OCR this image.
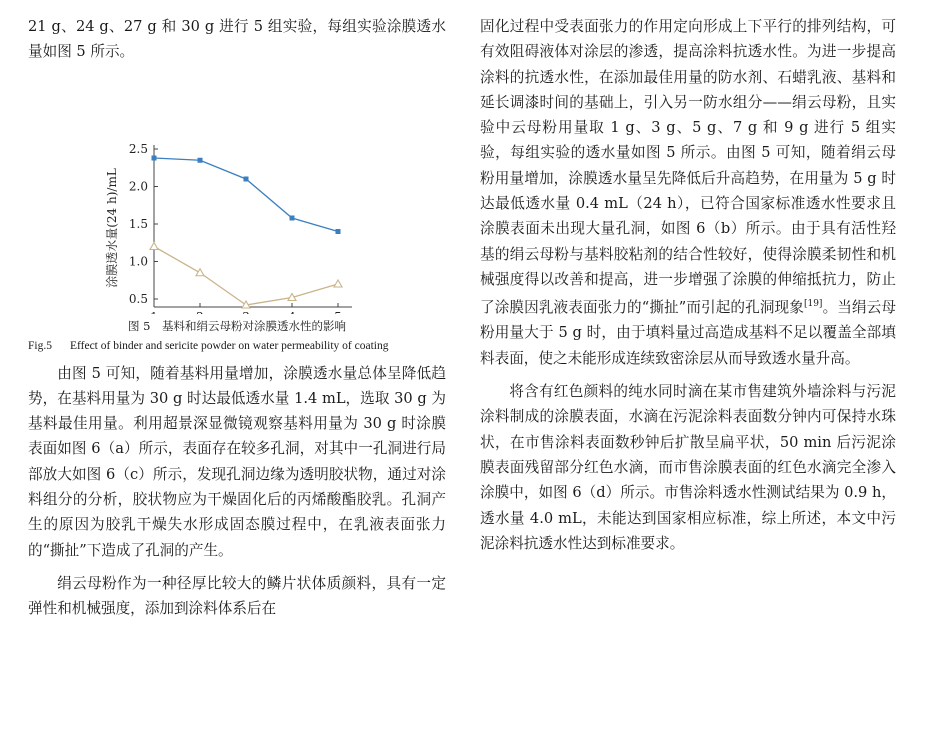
21 g、24 g、27 g 和 30 g 进行 5 组实验，每组实验涂膜透水量如图 5 所示。

0.5
1.0
1.5
2.0
2.5
涂膜透水量(24 h)/mL
图 5　基料和绢云母粉对涂膜透水性的影响
Fig.5	Effect of binder and sericite powder on water permeability of coating

由图 5 可知，随着基料用量增加，涂膜透水量总体呈降低趋势，在基料用量为 30 g 时达最低透水量 1.4 mL，选取 30 g 为基料最佳用量。利用超景深显微镜观察基料用量为 30 g 时涂膜表面如图 6（a）所示，表面存在较多孔洞，对其中一孔洞进行局部放大如图 6（c）所示，发现孔洞边缘为透明胶状物，通过对涂料组分的分析，胶状物应为干燥固化后的丙烯酸酯胶乳。孔洞产生的原因为胶乳干燥失水形成固态膜过程中，在乳液表面张力的“撕扯”下造成了孔洞的产生。

绢云母粉作为一种径厚比较大的鳞片状体质颜料，具有一定弹性和机械强度，添加到涂料体系后在

固化过程中受表面张力的作用定向形成上下平行的排列结构，可有效阻碍液体对涂层的渗透，提高涂料抗透水性。为进一步提高涂料的抗透水性，在添加最佳用量的防水剂、石蜡乳液、基料和延长调漆时间的基础上，引入另一防水组分——绢云母粉，且实验中云母粉用量取 1 g、3 g、5 g、7 g 和 9 g 进行 5 组实验，每组实验的透水量如图 5 所示。由图 5 可知，随着绢云母粉用量增加，涂膜透水量呈先降低后升高趋势，在用量为 5 g 时达最低透水量 0.4 mL（24 h），已符合国家标准透水性要求且涂膜表面未出现大量孔洞，如图 6（b）所示。由于具有活性羟基的绢云母粉与基料胶粘剂的结合性较好，使得涂膜柔韧性和机械强度得以改善和提高，进一步增强了涂膜的伸缩抵抗力，防止了涂膜因乳液表面张力的“撕扯”而引起的孔洞现象[19]。当绢云母粉用量大于 5 g 时，由于填料量过高造成基料不足以覆盖全部填料表面，使之未能形成连续致密涂层从而导致透水量升高。

将含有红色颜料的纯水同时滴在某市售建筑外墙涂料与污泥涂料制成的涂膜表面，水滴在污泥涂料表面数分钟内可保持水珠状，在市售涂料表面数秒钟后扩散呈扁平状，50 min 后污泥涂膜表面残留部分红色水滴，而市售涂膜表面的红色水滴完全渗入涂膜中，如图 6（d）所示。市售涂料透水性测试结果为 0.9 h，透水量 4.0 mL，未能达到国家相应标准，综上所述，本文中污泥涂料抗透水性达到标准要求。
